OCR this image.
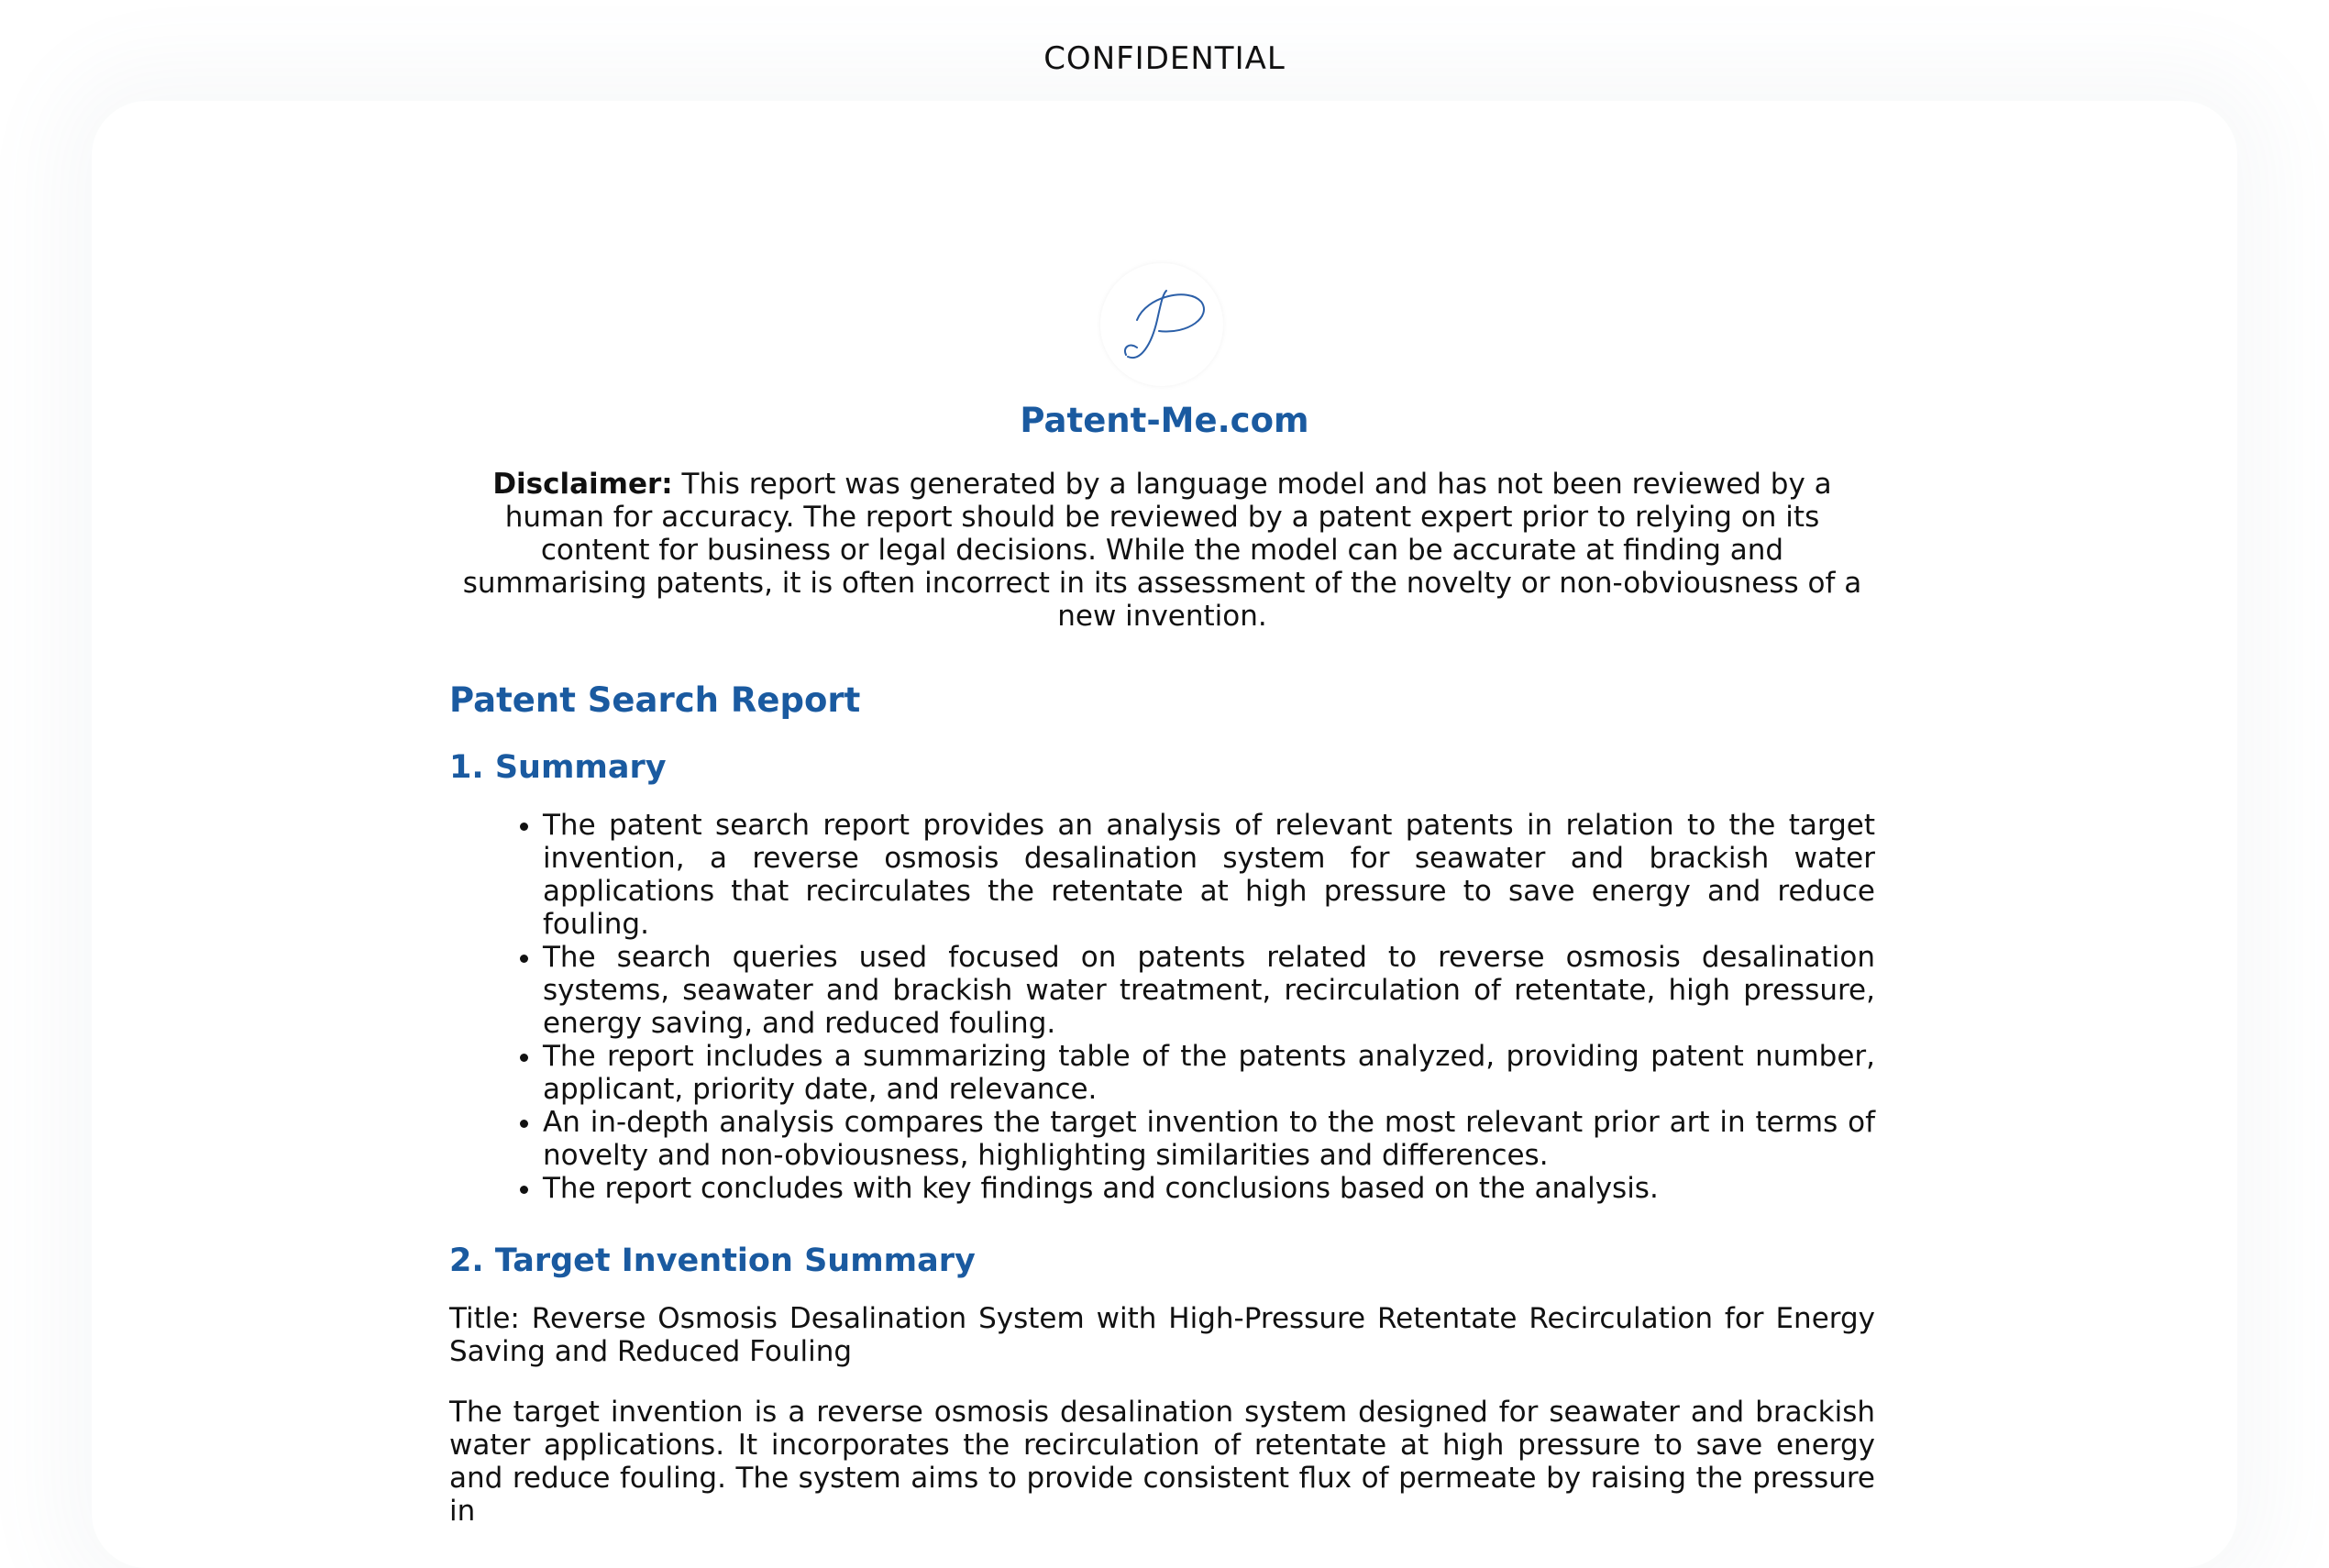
CONFIDENTIAL
Patent-Me.com

Disclaimer: This report was generated by a language model and has not been reviewed by a human for accuracy. The report should be reviewed by a patent expert prior to relying on its content for business or legal decisions. While the model can be accurate at finding and summarising patents, it is often incorrect in its assessment of the novelty or non-obviousness of a new invention.

Patent Search Report
1. Summary
• The patent search report provides an analysis of relevant patents in relation to the target invention, a reverse osmosis desalination system for seawater and brackish water applications that recirculates the retentate at high pressure to save energy and reduce fouling.
• The search queries used focused on patents related to reverse osmosis desalination systems, seawater and brackish water treatment, recirculation of retentate, high pressure, energy saving, and reduced fouling.
• The report includes a summarizing table of the patents analyzed, providing patent number, applicant, priority date, and relevance.
• An in-depth analysis compares the target invention to the most relevant prior art in terms of novelty and non-obviousness, highlighting similarities and differences.
• The report concludes with key findings and conclusions based on the analysis.
2. Target Invention Summary

Title: Reverse Osmosis Desalination System with High-Pressure Retentate Recirculation for Energy Saving and Reduced Fouling

The target invention is a reverse osmosis desalination system designed for seawater and brackish water applications. It incorporates the recirculation of retentate at high pressure to save energy and reduce fouling. The system aims to provide consistent flux of permeate by raising the pressure in
